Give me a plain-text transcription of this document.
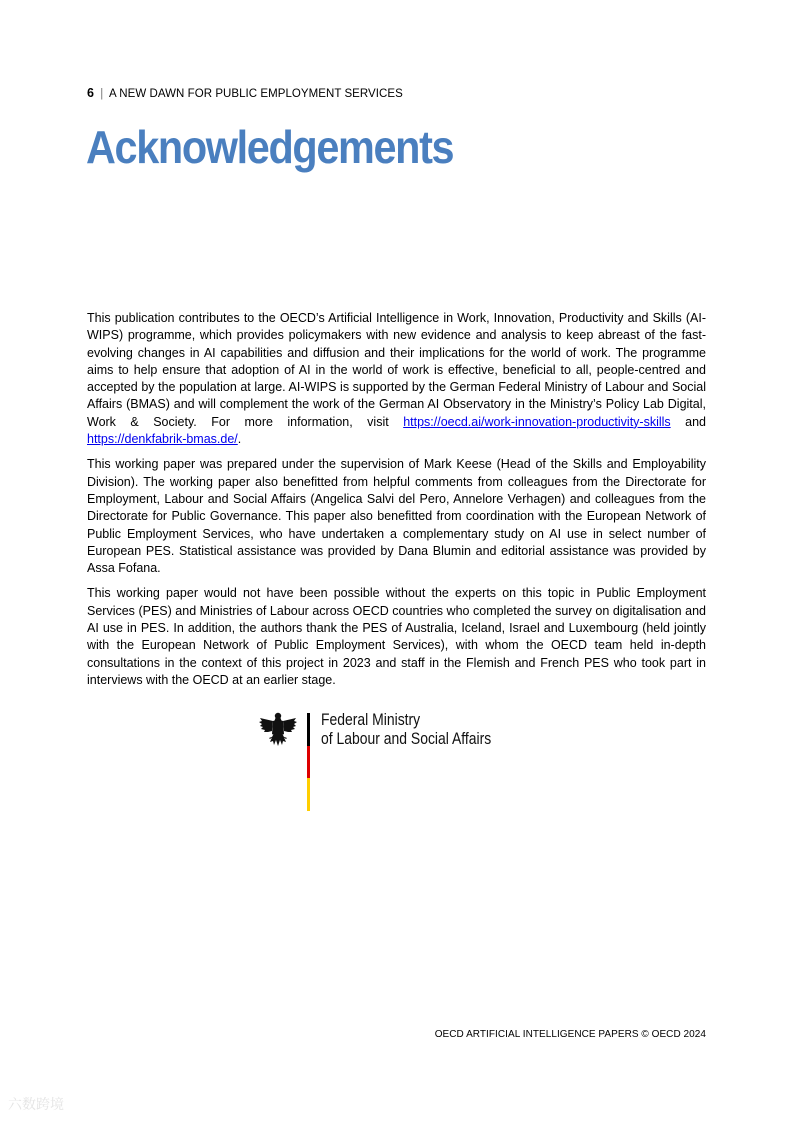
6 | A NEW DAWN FOR PUBLIC EMPLOYMENT SERVICES
Acknowledgements

This publication contributes to the OECD’s Artificial Intelligence in Work, Innovation, Productivity and Skills (AI-WIPS) programme, which provides policymakers with new evidence and analysis to keep abreast of the fast-evolving changes in AI capabilities and diffusion and their implications for the world of work. The programme aims to help ensure that adoption of AI in the world of work is effective, beneficial to all, people-centred and accepted by the population at large. AI-WIPS is supported by the German Federal Ministry of Labour and Social Affairs (BMAS) and will complement the work of the German AI Observatory in the Ministry’s Policy Lab Digital, Work & Society. For more information, visit https://oecd.ai/work-innovation-productivity-skills and https://denkfabrik-bmas.de/.

This working paper was prepared under the supervision of Mark Keese (Head of the Skills and Employability Division). The working paper also benefitted from helpful comments from colleagues from the Directorate for Employment, Labour and Social Affairs (Angelica Salvi del Pero, Annelore Verhagen) and colleagues from the Directorate for Public Governance. This paper also benefitted from coordination with the European Network of Public Employment Services, who have undertaken a complementary study on AI use in select number of European PES. Statistical assistance was provided by Dana Blumin and editorial assistance was provided by Assa Fofana.

This working paper would not have been possible without the experts on this topic in Public Employment Services (PES) and Ministries of Labour across OECD countries who completed the survey on digitalisation and AI use in PES. In addition, the authors thank the PES of Australia, Iceland, Israel and Luxembourg (held jointly with the European Network of Public Employment Services), with whom the OECD team held in-depth consultations in the context of this project in 2023 and staff in the Flemish and French PES who took part in interviews with the OECD at an earlier stage.

Federal Ministry
of Labour and Social Affairs
OECD ARTIFICIAL INTELLIGENCE PAPERS © OECD 2024
六数跨境
